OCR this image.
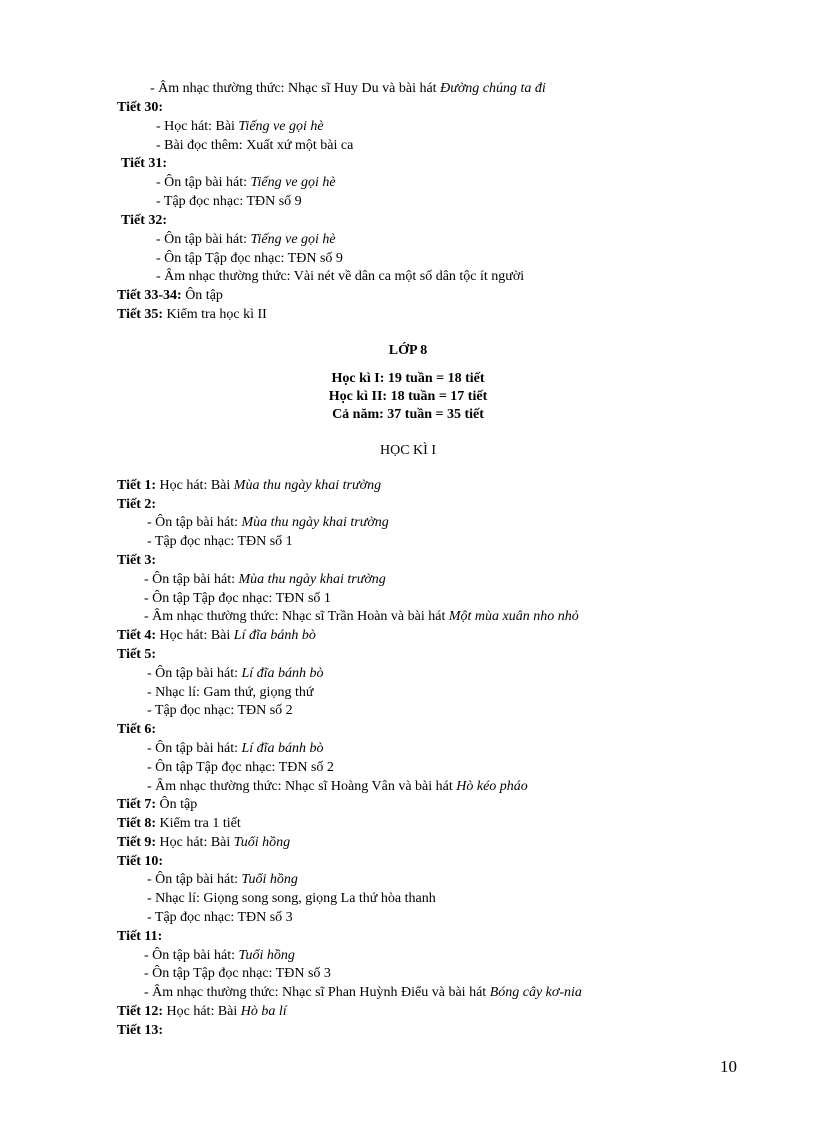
- Âm nhạc thường thức: Nhạc sĩ Huy Du và bài hát Đường chúng ta đi
Tiết 30:
- Học hát: Bài Tiếng ve gọi hè
- Bài đọc thêm: Xuất xứ một bài ca
Tiết 31:
- Ôn tập bài hát: Tiếng ve gọi hè
- Tập đọc nhạc: TĐN số 9
Tiết 32:
- Ôn tập bài hát: Tiếng ve gọi hè
- Ôn tập Tập đọc nhạc: TĐN số 9
- Âm nhạc thường thức: Vài nét về dân ca một số dân tộc ít người
Tiết 33-34: Ôn tập
Tiết 35: Kiểm tra học kì II
LỚP 8
Học kì I: 19 tuần = 18 tiết
Học kì II: 18 tuần = 17 tiết
Cả năm: 37 tuần = 35 tiết
HỌC KÌ I
Tiết 1: Học hát: Bài Mùa thu ngày khai trường
Tiết 2:
- Ôn tập bài hát: Mùa thu ngày khai trường
- Tập đọc nhạc: TĐN số 1
Tiết 3:
- Ôn tập bài hát: Mùa thu ngày khai trường
- Ôn tập Tập đọc nhạc: TĐN số 1
- Âm nhạc thường thức: Nhạc sĩ Trần Hoàn và bài hát Một mùa xuân nho nhỏ
Tiết 4: Học hát: Bài Lí đĩa bánh bò
Tiết 5:
- Ôn tập bài hát: Lí đĩa bánh bò
- Nhạc lí: Gam thứ, giọng thứ
- Tập đọc nhạc: TĐN số 2
Tiết 6:
- Ôn tập bài hát: Lí đĩa bánh bò
- Ôn tập Tập đọc nhạc: TĐN số 2
- Âm nhạc thường thức: Nhạc sĩ Hoàng Vân và bài hát Hò kéo pháo
Tiết 7: Ôn tập
Tiết 8: Kiểm tra 1 tiết
Tiết 9: Học hát: Bài Tuổi hồng
Tiết 10:
- Ôn tập bài hát: Tuổi hồng
- Nhạc lí: Giọng song song, giọng La thứ hòa thanh
- Tập đọc nhạc: TĐN số 3
Tiết 11:
- Ôn tập bài hát: Tuổi hồng
- Ôn tập Tập đọc nhạc: TĐN số 3
- Âm nhạc thường thức: Nhạc sĩ Phan Huỳnh Điểu và bài hát Bóng cây kơ-nia
Tiết 12: Học hát: Bài Hò ba lí
Tiết 13:
10
